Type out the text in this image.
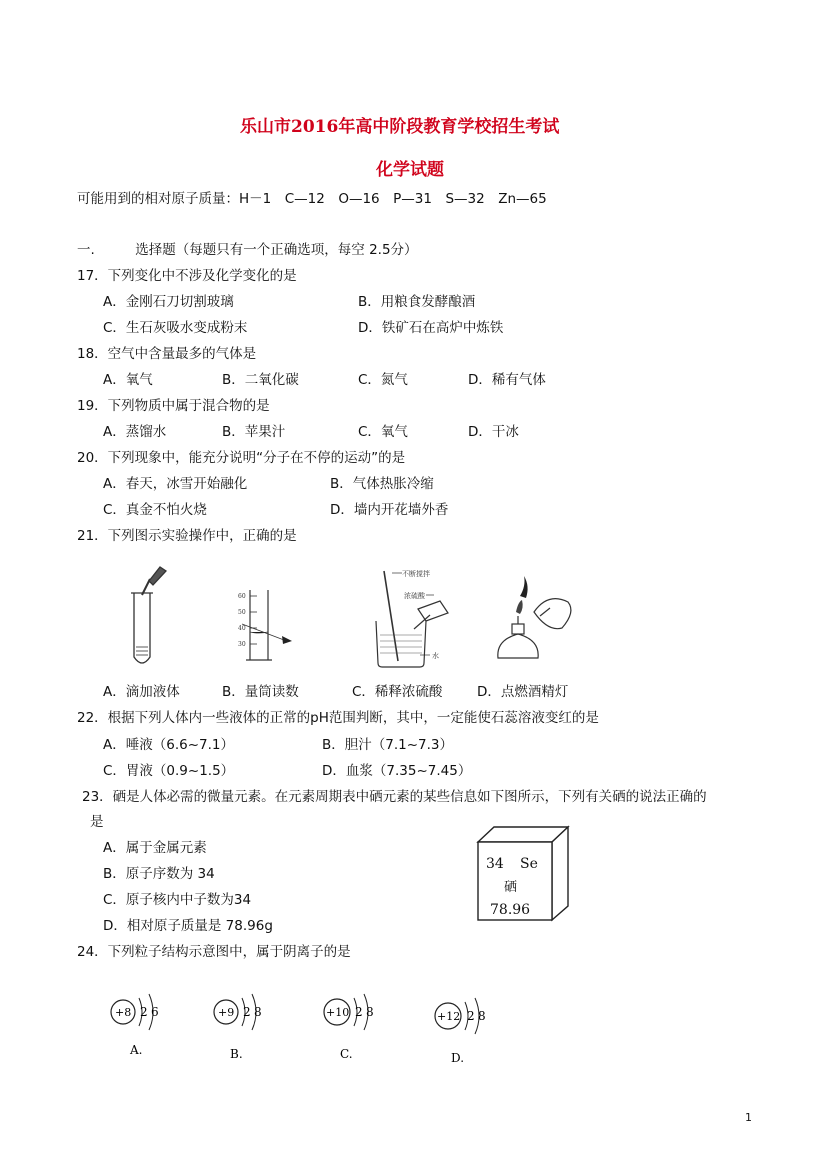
乐山市2016年高中阶段教育学校招生考试
化学试题
可能用到的相对原子质量：H－1　C—12　O—16　P—31　S—32　Zn—65
一.　　　选择题（每题只有一个正确选项，每空 2.5分）
17．下列变化中不涉及化学变化的是
A．金刚石刀切割玻璃	B．用粮食发酵酿酒
C．生石灰吸水变成粉末	D．铁矿石在高炉中炼铁
18．空气中含量最多的气体是
A．氧气	B．二氧化碳	C．氮气	D．稀有气体
19．下列物质中属于混合物的是
A．蒸馏水	B．苹果汁	C．氧气	D．干冰
20．下列现象中，能充分说明“分子在不停的运动”的是
A．春天，冰雪开始融化	B．气体热胀冷缩
C．真金不怕火烧	D．墙内开花墙外香
21．下列图示实验操作中，正确的是
60
50
40
30
不断搅拌
浓硫酸
水
A．滴加液体	B．量筒读数	C．稀释浓硫酸	D．点燃酒精灯
22．根据下列人体内一些液体的正常的pH范围判断，其中，一定能使石蕊溶液变红的是
A．唾液（6.6~7.1）	B．胆汁（7.1~7.3）
C．胃液（0.9~1.5）	D．血浆（7.35~7.45）
23．硒是人体必需的微量元素。在元素周期表中硒元素的某些信息如下图所示，下列有关硒的说法正确的
是
A．属于金属元素
B．原子序数为 34
C．原子核内中子数为34
D．相对原子质量是 78.96g
34 Se
硒
78.96
24．下列粒子结构示意图中，属于阴离子的是
+8 2 6
A.
+9 2 8
B.
+10 2 8
C.
+12 2 8
D.
1
